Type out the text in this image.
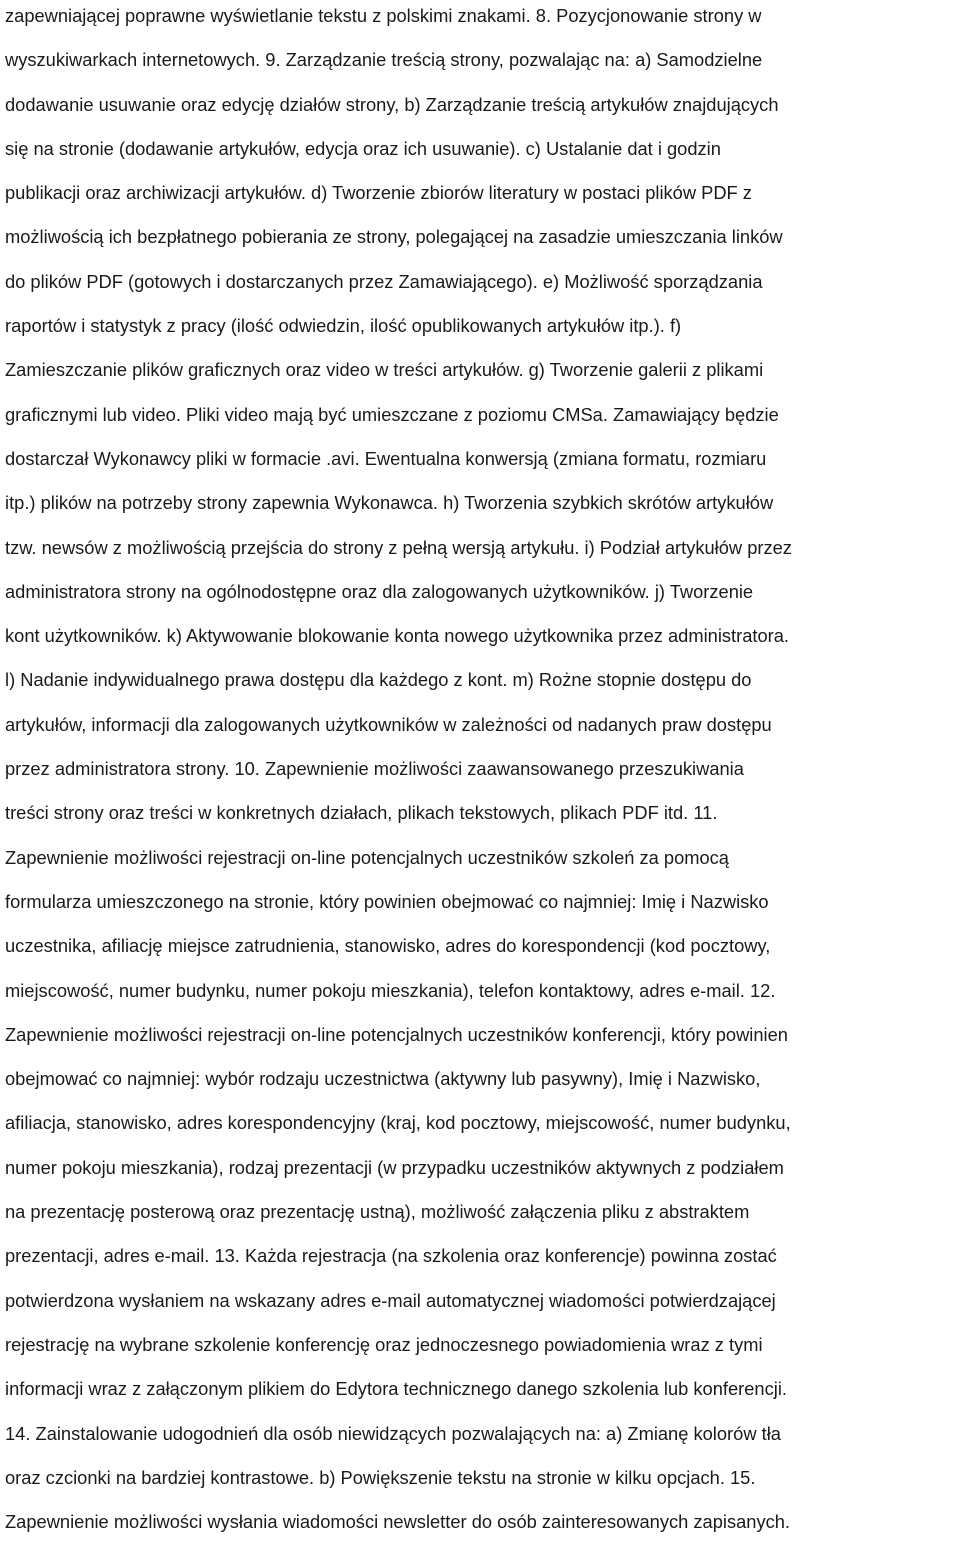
zapewniającej poprawne wyświetlanie tekstu z polskimi znakami. 8. Pozycjonowanie strony w
wyszukiwarkach internetowych. 9. Zarządzanie treścią strony, pozwalając na: a) Samodzielne
dodawanie usuwanie oraz edycję działów strony, b) Zarządzanie treścią artykułów znajdujących
się na stronie (dodawanie artykułów, edycja oraz ich usuwanie). c) Ustalanie dat i godzin
publikacji oraz archiwizacji artykułów. d) Tworzenie zbiorów literatury w postaci plików PDF z
możliwością ich bezpłatnego pobierania ze strony, polegającej na zasadzie umieszczania linków
do plików PDF (gotowych i dostarczanych przez Zamawiającego). e) Możliwość sporządzania
raportów i statystyk z pracy (ilość odwiedzin, ilość opublikowanych artykułów itp.). f)
Zamieszczanie plików graficznych oraz video w treści artykułów. g) Tworzenie galerii z plikami
graficznymi lub video. Pliki video mają być umieszczane z poziomu CMSa. Zamawiający będzie
dostarczał Wykonawcy pliki w formacie .avi. Ewentualna konwersją (zmiana formatu, rozmiaru
itp.) plików na potrzeby strony zapewnia Wykonawca. h) Tworzenia szybkich skrótów artykułów
tzw. newsów z możliwością przejścia do strony z pełną wersją artykułu. i) Podział artykułów przez
administratora strony na ogólnodostępne oraz dla zalogowanych użytkowników. j) Tworzenie
kont użytkowników. k) Aktywowanie blokowanie konta nowego użytkownika przez administratora.
l) Nadanie indywidualnego prawa dostępu dla każdego z kont. m) Rożne stopnie dostępu do
artykułów, informacji dla zalogowanych użytkowników w zależności od nadanych praw dostępu
przez administratora strony. 10. Zapewnienie możliwości zaawansowanego przeszukiwania
treści strony oraz treści w konkretnych działach, plikach tekstowych, plikach PDF itd. 11.
Zapewnienie możliwości rejestracji on-line potencjalnych uczestników szkoleń za pomocą
formularza umieszczonego na stronie, który powinien obejmować co najmniej: Imię i Nazwisko
uczestnika, afiliację miejsce zatrudnienia, stanowisko, adres do korespondencji (kod pocztowy,
miejscowość, numer budynku, numer pokoju mieszkania), telefon kontaktowy, adres e-mail. 12.
Zapewnienie możliwości rejestracji on-line potencjalnych uczestników konferencji, który powinien
obejmować co najmniej: wybór rodzaju uczestnictwa (aktywny lub pasywny), Imię i Nazwisko,
afiliacja, stanowisko, adres korespondencyjny (kraj, kod pocztowy, miejscowość, numer budynku,
numer pokoju mieszkania), rodzaj prezentacji (w przypadku uczestników aktywnych z podziałem
na prezentację posterową oraz prezentację ustną), możliwość załączenia pliku z abstraktem
prezentacji, adres e-mail. 13. Każda rejestracja (na szkolenia oraz konferencje) powinna zostać
potwierdzona wysłaniem na wskazany adres e-mail automatycznej wiadomości potwierdzającej
rejestrację na wybrane szkolenie konferencję oraz jednoczesnego powiadomienia wraz z tymi
informacji wraz z załączonym plikiem do Edytora technicznego danego szkolenia lub konferencji.
14. Zainstalowanie udogodnień dla osób niewidzących pozwalających na: a) Zmianę kolorów tła
oraz czcionki na bardziej kontrastowe. b) Powiększenie tekstu na stronie w kilku opcjach. 15.
Zapewnienie możliwości wysłania wiadomości newsletter do osób zainteresowanych zapisanych.
